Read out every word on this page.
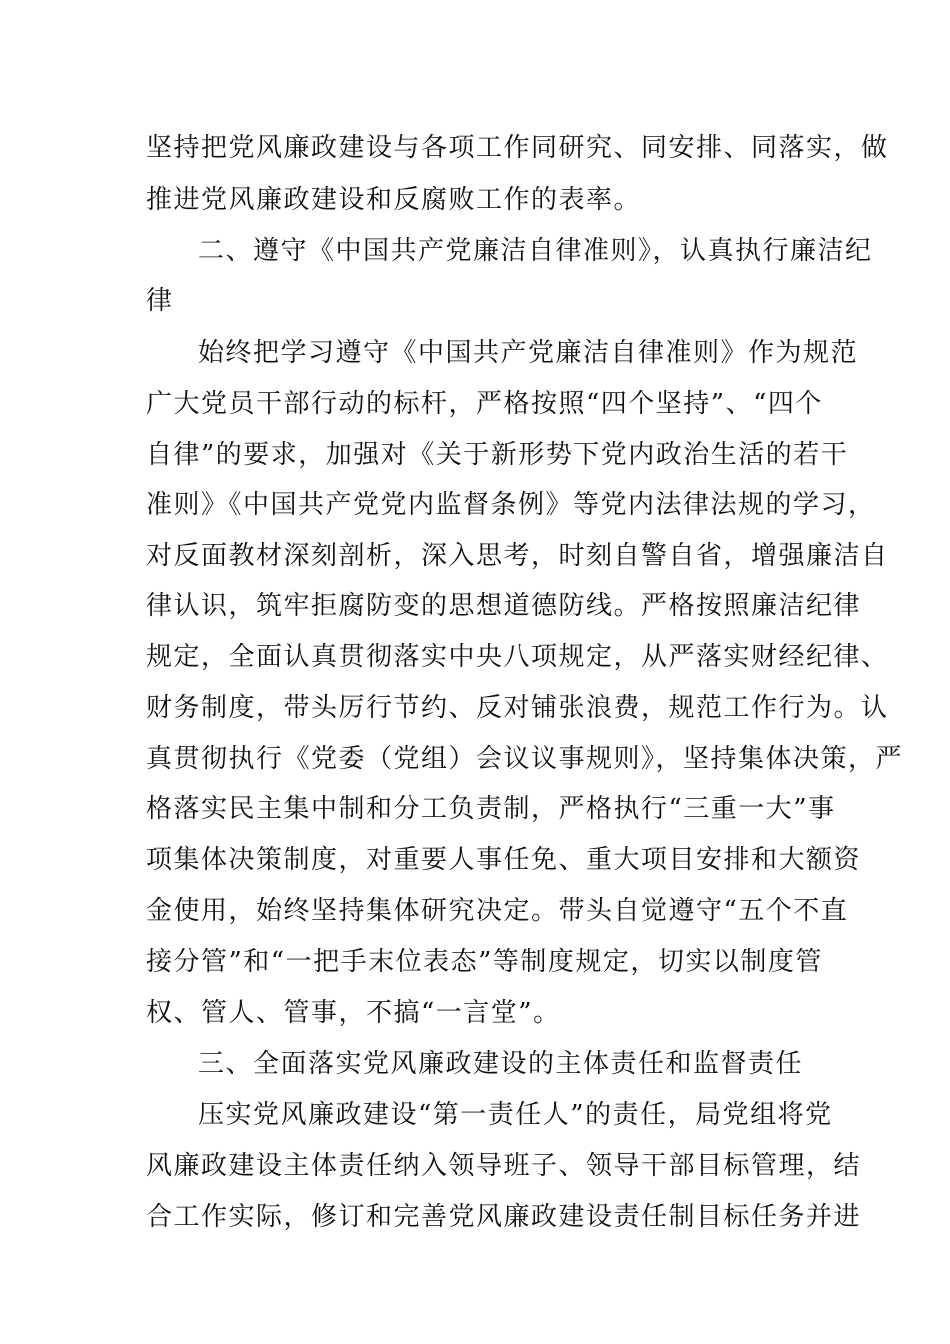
坚持把党风廉政建设与各项工作同研究、同安排、同落实，做
推进党风廉政建设和反腐败工作的表率。
二、遵守《中国共产党廉洁自律准则》，认真执行廉洁纪
律
始终把学习遵守《中国共产党廉洁自律准则》作为规范
广大党员干部行动的标杆，严格按照“四个坚持”、“四个
自律”的要求，加强对《关于新形势下党内政治生活的若干
准则》《中国共产党党内监督条例》等党内法律法规的学习，
对反面教材深刻剖析，深入思考，时刻自警自省，增强廉洁自
律认识，筑牢拒腐防变的思想道德防线。严格按照廉洁纪律
规定，全面认真贯彻落实中央八项规定，从严落实财经纪律、
财务制度，带头厉行节约、反对铺张浪费，规范工作行为。认
真贯彻执行《党委（党组）会议议事规则》，坚持集体决策，严
格落实民主集中制和分工负责制，严格执行“三重一大”事
项集体决策制度，对重要人事任免、重大项目安排和大额资
金使用，始终坚持集体研究决定。带头自觉遵守“五个不直
接分管”和“一把手末位表态”等制度规定，切实以制度管
权、管人、管事，不搞“一言堂”。
三、全面落实党风廉政建设的主体责任和监督责任
压实党风廉政建设“第一责任人”的责任，局党组将党
风廉政建设主体责任纳入领导班子、领导干部目标管理，结
合工作实际，修订和完善党风廉政建设责任制目标任务并进
